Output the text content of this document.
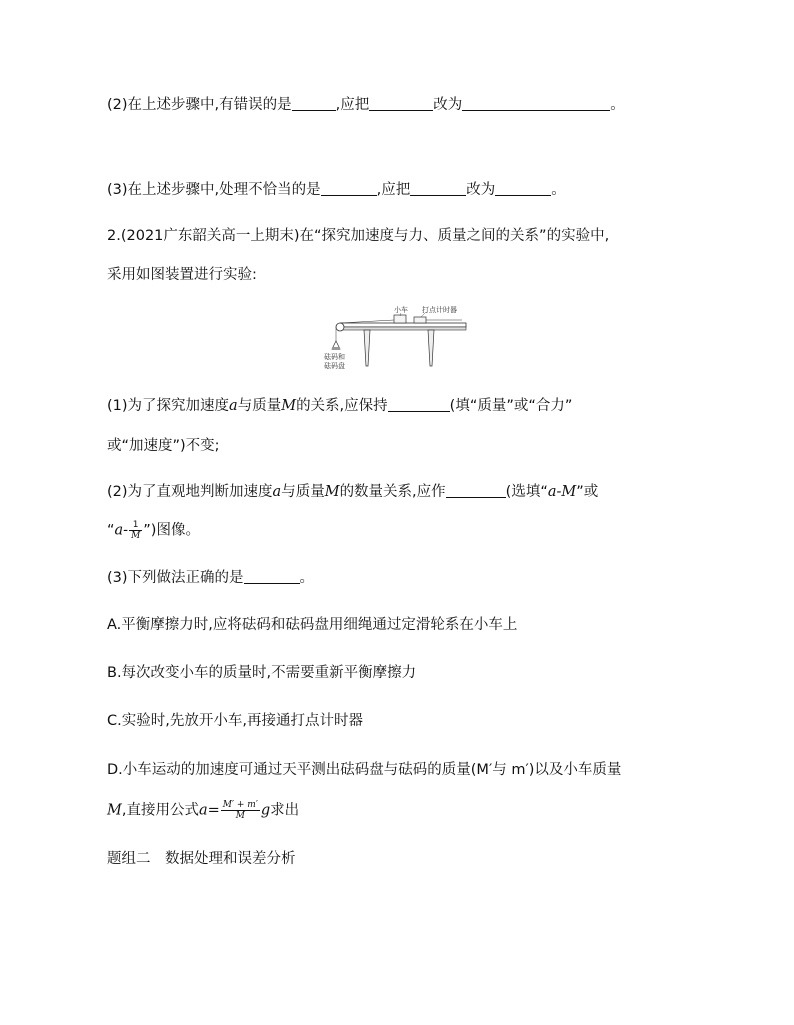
(2)在上述步骤中,有错误的是	,应把	改为	。
(3)在上述步骤中,处理不恰当的是	,应把	改为	。
2.(2021广东韶关高一上期末)在“探究加速度与力、质量之间的关系”的实验中,
采用如图装置进行实验:
小车 打点计时器
砝码和
砝码盘
(1)为了探究加速度a与质量M的关系,应保持	(填“质量”或“合力”
或“加速度”)不变;
(2)为了直观地判断加速度a与质量M的数量关系,应作	(选填“a-M”或
“$a- \frac{1}{M}$ ”)图像。
(3)下列做法正确的是	。
A.平衡摩擦力时,应将砝码和砝码盘用细绳通过定滑轮系在小车上
B.每次改变小车的质量时,不需要重新平衡摩擦力
C.实验时,先放开小车,再接通打点计时器
D.小车运动的加速度可通过天平测出砝码盘与砝码的质量(M′与 m′)以及小车质量
M,直接用公式$a= \frac{M' + m'}{M}$ g求出
题组二　数据处理和误差分析
